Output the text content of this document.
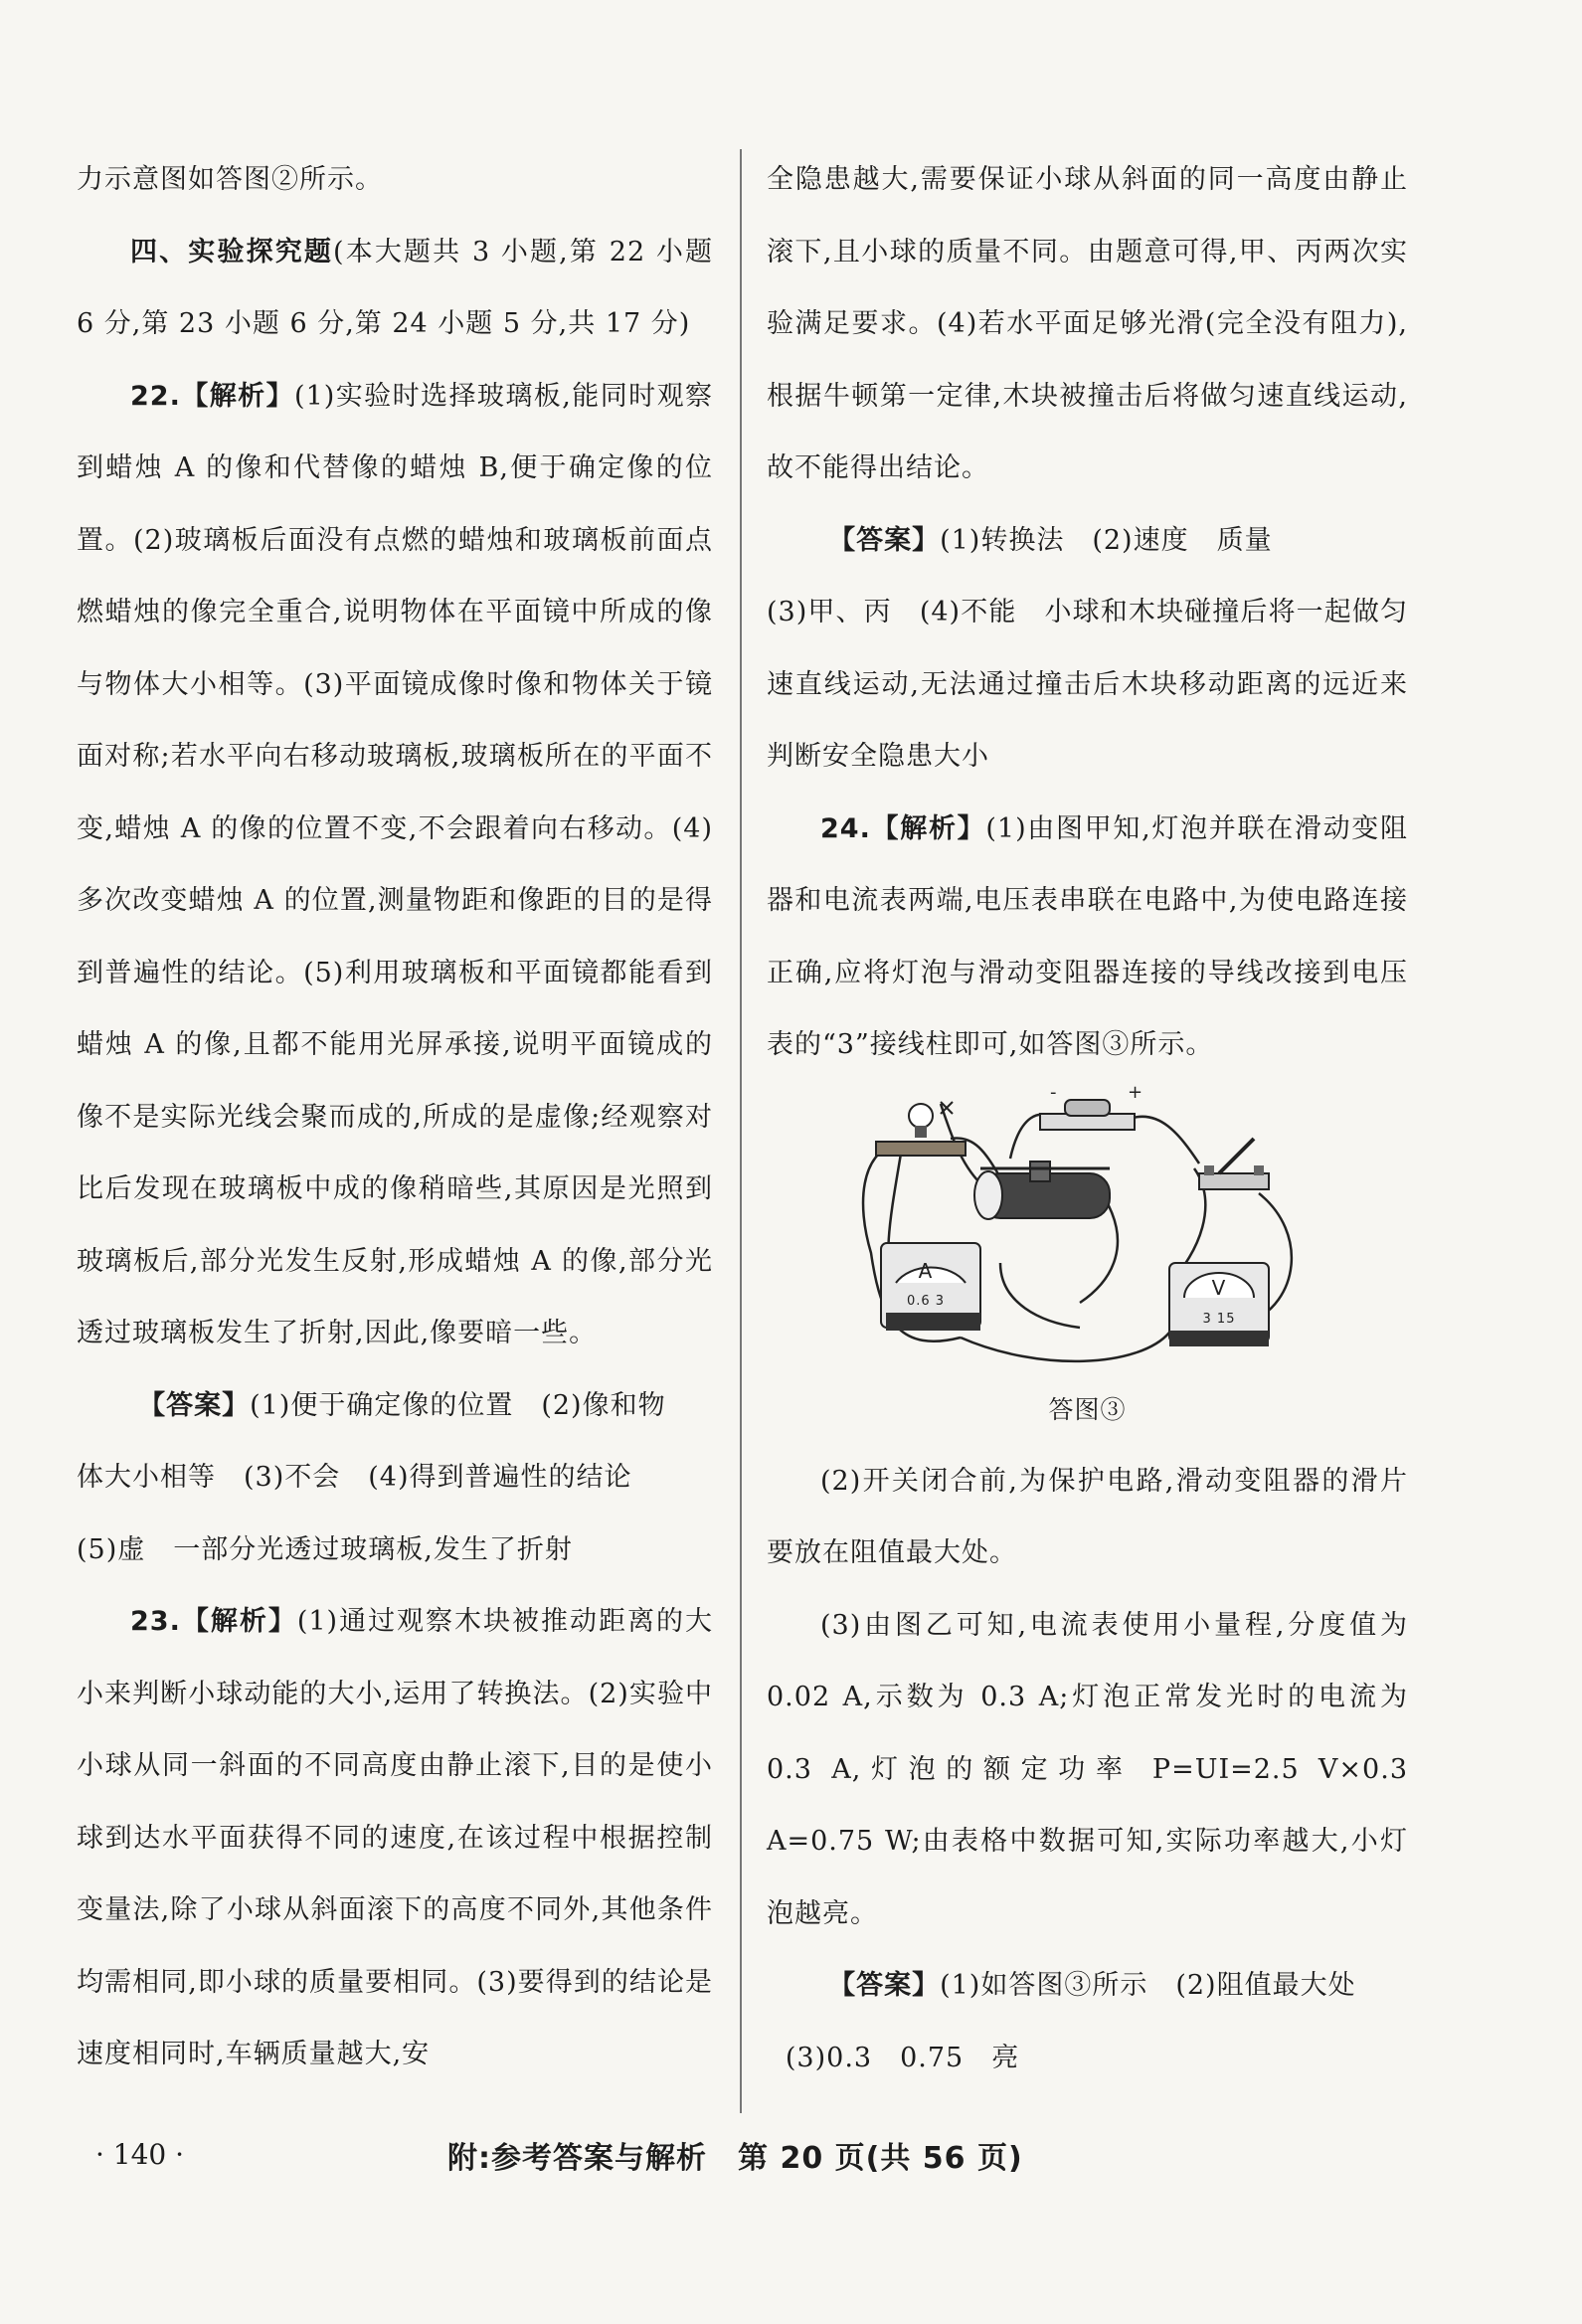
力示意图如答图②所示。

四、实验探究题(本大题共 3 小题,第 22 小题 6 分,第 23 小题 6 分,第 24 小题 5 分,共 17 分)

22.【解析】(1)实验时选择玻璃板,能同时观察到蜡烛 A 的像和代替像的蜡烛 B,便于确定像的位置。(2)玻璃板后面没有点燃的蜡烛和玻璃板前面点燃蜡烛的像完全重合,说明物体在平面镜中所成的像与物体大小相等。(3)平面镜成像时像和物体关于镜面对称;若水平向右移动玻璃板,玻璃板所在的平面不变,蜡烛 A 的像的位置不变,不会跟着向右移动。(4)多次改变蜡烛 A 的位置,测量物距和像距的目的是得到普遍性的结论。(5)利用玻璃板和平面镜都能看到蜡烛 A 的像,且都不能用光屏承接,说明平面镜成的像不是实际光线会聚而成的,所成的是虚像;经观察对比后发现在玻璃板中成的像稍暗些,其原因是光照到玻璃板后,部分光发生反射,形成蜡烛 A 的像,部分光透过玻璃板发生了折射,因此,像要暗一些。

【答案】(1)便于确定像的位置　(2)像和物

体大小相等　(3)不会　(4)得到普遍性的结论

(5)虚　一部分光透过玻璃板,发生了折射

23.【解析】(1)通过观察木块被推动距离的大小来判断小球动能的大小,运用了转换法。(2)实验中小球从同一斜面的不同高度由静止滚下,目的是使小球到达水平面获得不同的速度,在该过程中根据控制变量法,除了小球从斜面滚下的高度不同外,其他条件均需相同,即小球的质量要相同。(3)要得到的结论是速度相同时,车辆质量越大,安

全隐患越大,需要保证小球从斜面的同一高度由静止滚下,且小球的质量不同。由题意可得,甲、丙两次实验满足要求。(4)若水平面足够光滑(完全没有阻力),根据牛顿第一定律,木块被撞击后将做匀速直线运动,故不能得出结论。

【答案】(1)转换法　(2)速度　质量

(3)甲、丙　(4)不能　小球和木块碰撞后将一起做匀速直线运动,无法通过撞击后木块移动距离的远近来判断安全隐患大小

24.【解析】(1)由图甲知,灯泡并联在滑动变阻器和电流表两端,电压表串联在电路中,为使电路连接正确,应将灯泡与滑动变阻器连接的导线改接到电压表的“3”接线柱即可,如答图③所示。

-	+
A
0.6 3
V
3 15
答图③

(2)开关闭合前,为保护电路,滑动变阻器的滑片要放在阻值最大处。

(3)由图乙可知,电流表使用小量程,分度值为 0.02 A,示数为 0.3 A;灯泡正常发光时的电流为 0.3 A,灯泡的额定功率 P=UI=2.5 V×0.3 A=0.75 W;由表格中数据可知,实际功率越大,小灯泡越亮。

【答案】(1)如答图③所示　(2)阻值最大处

(3)0.3　0.75　亮

· 140 ·	附:参考答案与解析　第 20 页(共 56 页)
